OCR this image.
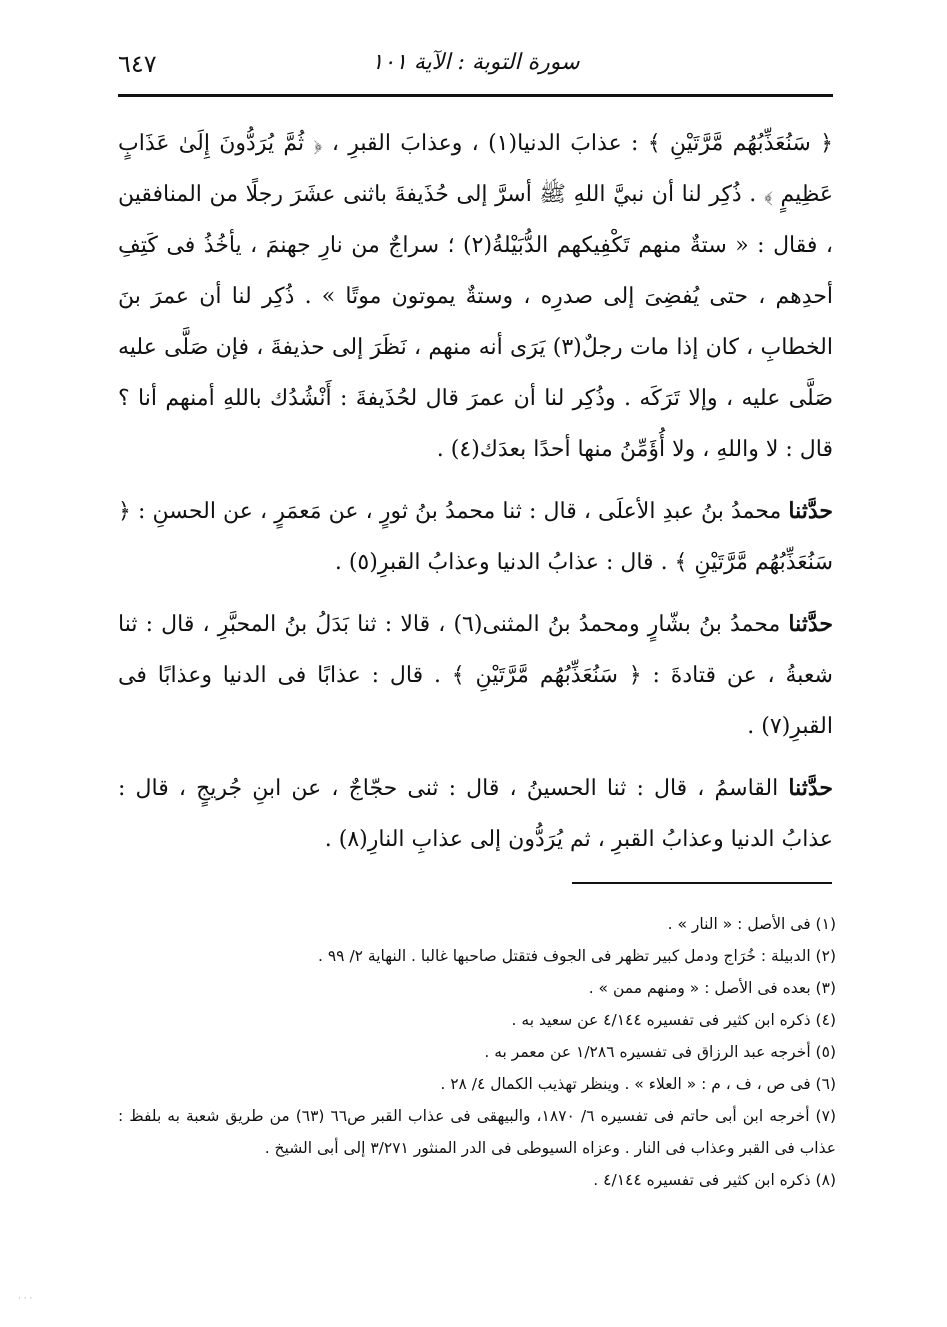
سورة التوبة : الآية ١٠١
٦٤٧

﴿ سَنُعَذِّبُهُم مَّرَّتَيْنِ ﴾ : عذابَ الدنيا(١) ، وعذابَ القبرِ ، ﴿ ثُمَّ يُرَدُّونَ إِلَىٰ عَذَابٍ عَظِيمٍ ﴾ . ذُكِر لنا أن نبيَّ اللهِ ﷺ أسرَّ إلى حُذَيفةَ باثنى عشَرَ رجلًا من المنافقين ، فقال : « ستةٌ منهم تَكْفِيكهم الدُّبَيْلةُ(٢) ؛ سراجٌ من نارِ جهنمَ ، يأخُذُ فى كَتِفِ أحدِهم ، حتى يُفضِىَ إلى صدرِه ، وستةٌ يموتون موتًا » . ذُكِر لنا أن عمرَ بنَ الخطابِ ، كان إذا مات رجلٌ(٣) يَرَى أنه منهم ، نَظَرَ إلى حذيفةَ ، فإن صَلَّى عليه صَلَّى عليه ، وإلا تَرَكَه . وذُكِر لنا أن عمرَ قال لحُذَيفةَ : أَنْشُدُك باللهِ أمنهم أنا ؟ قال : لا واللهِ ، ولا أُؤَمِّنُ منها أحدًا بعدَك(٤) .

حدَّثنا محمدُ بنُ عبدِ الأعلَى ، قال : ثنا محمدُ بنُ ثورٍ ، عن مَعمَرٍ ، عن الحسنِ : ﴿ سَنُعَذِّبُهُم مَّرَّتَيْنِ ﴾ . قال : عذابُ الدنيا وعذابُ القبرِ(٥) .

حدَّثنا محمدُ بنُ بشّارٍ ومحمدُ بنُ المثنى(٦) ، قالا : ثنا بَدَلُ بنُ المحبَّرِ ، قال : ثنا شعبةُ ، عن قتادةَ : ﴿ سَنُعَذِّبُهُم مَّرَّتَيْنِ ﴾ . قال : عذابًا فى الدنيا وعذابًا فى القبرِ(٧) .

حدَّثنا القاسمُ ، قال : ثنا الحسينُ ، قال : ثنى حجّاجٌ ، عن ابنِ جُريجٍ ، قال : عذابُ الدنيا وعذابُ القبرِ ، ثم يُرَدُّون إلى عذابِ النارِ(٨) .

(١) فى الأصل : « النار » .
(٢) الدبيلة : خُرَاج ودمل كبير تظهر فى الجوف فتقتل صاحبها غالبا . النهاية ٢/ ٩٩ .
(٣) بعده فى الأصل : « ومنهم ممن » .
(٤) ذكره ابن كثير فى تفسيره ٤/١٤٤ عن سعيد به .
(٥) أخرجه عبد الرزاق فى تفسيره ١/٢٨٦ عن معمر به .
(٦) فى ص ، ف ، م : « العلاء » . وينظر تهذيب الكمال ٤/ ٢٨ .
(٧) أخرجه ابن أبى حاتم فى تفسيره ٦/ ١٨٧٠، والبيهقى فى عذاب القبر ص٦٦ (٦٣) من طريق شعبة به بلفظ : عذاب فى القبر وعذاب فى النار . وعزاه السيوطى فى الدر المنثور ٣/٢٧١ إلى أبى الشيخ .
(٨) ذكره ابن كثير فى تفسيره ٤/١٤٤ .
· · ·
